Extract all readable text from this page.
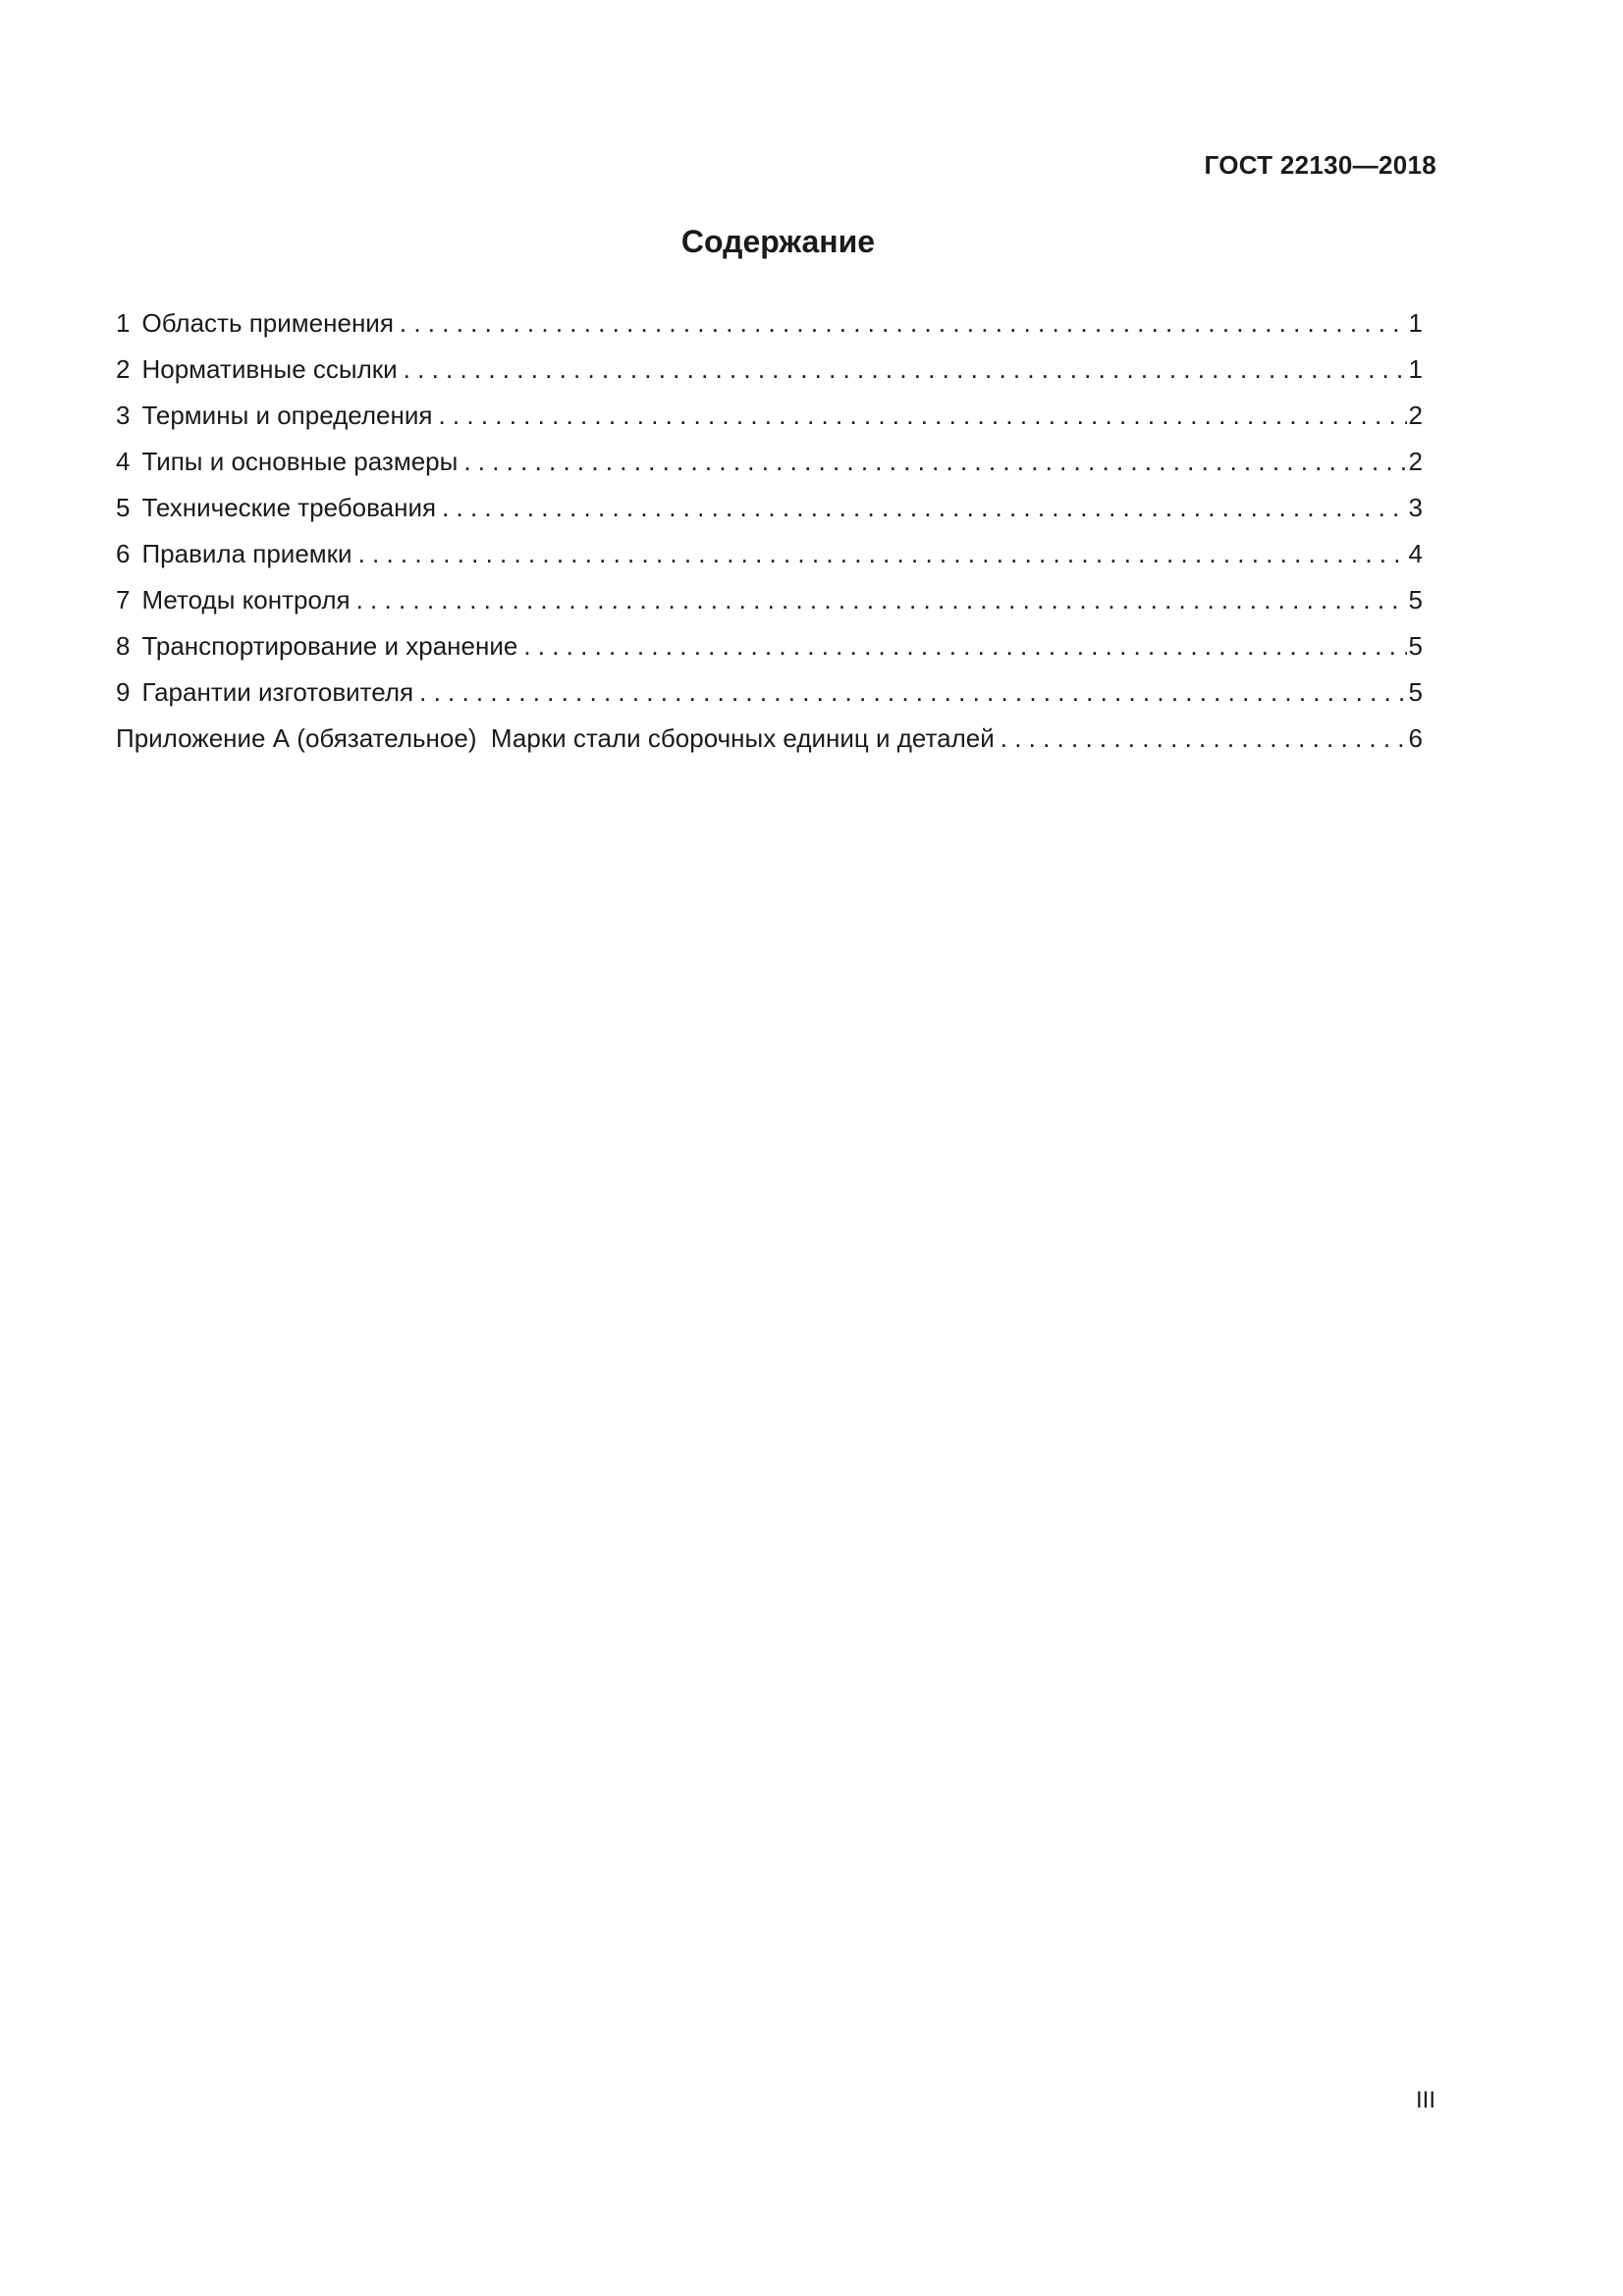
ГОСТ 22130—2018
Содержание
1 Область применения . . .	1
2 Нормативные ссылки . . .	1
3 Термины и определения . . .	2
4 Типы и основные размеры . . .	2
5 Технические требования . . .	3
6 Правила приемки . . .	4
7 Методы контроля . . .	5
8 Транспортирование и хранение . . .	5
9 Гарантии изготовителя . . .	5
Приложение А (обязательное)  Марки стали сборочных единиц и деталей . . .	6
III
